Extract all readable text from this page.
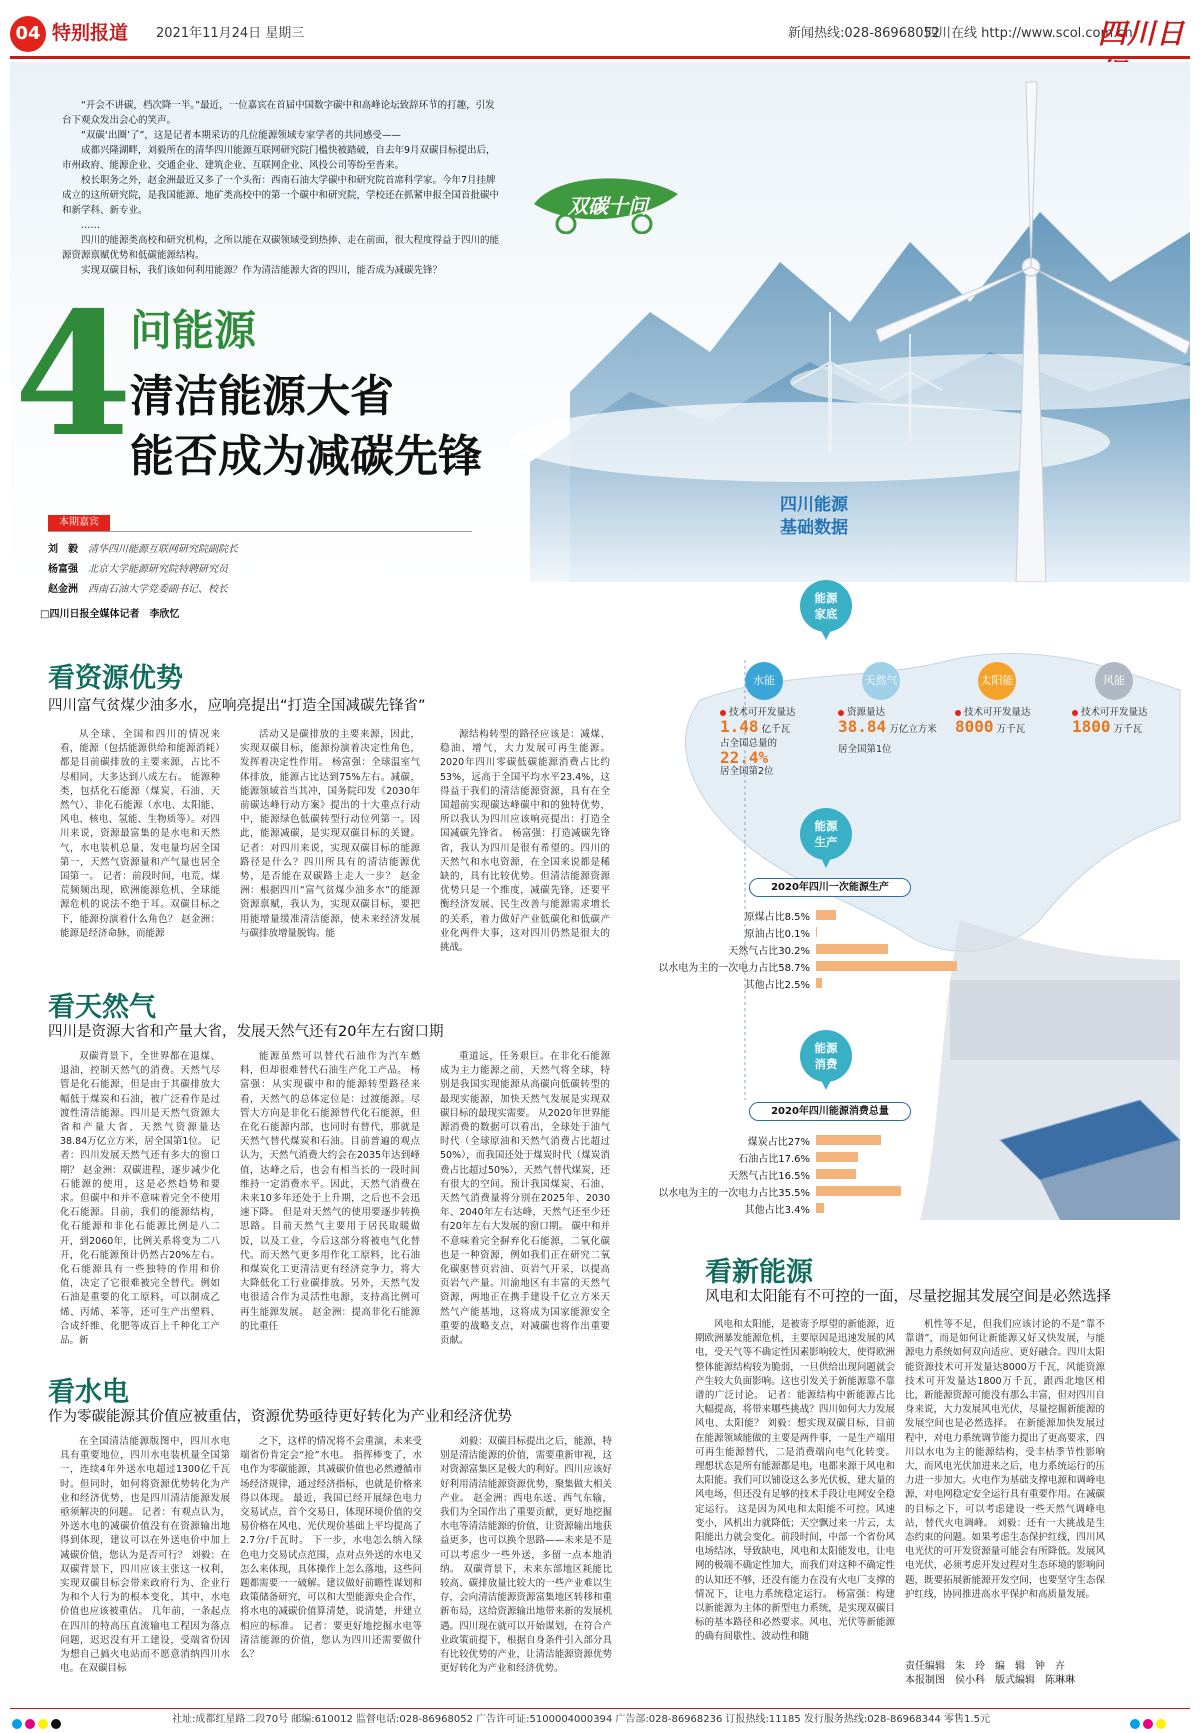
04 特别报道 2021年11月24日 星期三	新闻热线:028-86968052
四川在线 http://www.scol.com.cn
四川日

“开会不讲碳，档次降一半。”最近，一位嘉宾在首届中国数字碳中和高峰论坛致辞环节的打趣，引发台下观众发出会心的笑声。

“双碳‘出圈’了”，这是记者本期采访的几位能源领域专家学者的共同感受——

成都兴隆湖畔，刘毅所在的清华四川能源互联网研究院门槛快被踏破，自去年9月双碳目标提出后，市州政府、能源企业、交通企业、建筑企业、互联网企业、风投公司等纷至沓来。

校长职务之外，赵金洲最近又多了一个头衔：西南石油大学碳中和研究院首席科学家。今年7月挂牌成立的这所研究院，是我国能源、地矿类高校中的第一个碳中和研究院，学校还在抓紧申报全国首批碳中和新学科、新专业。

……

四川的能源类高校和研究机构，之所以能在双碳领域受到热捧、走在前面，很大程度得益于四川的能源资源禀赋优势和低碳能源结构。

实现双碳目标，我们该如何利用能源？作为清洁能源大省的四川，能否成为减碳先锋？

双碳十问
4
问能源
清洁能源大省
能否成为减碳先锋
本期嘉宾
刘　毅 清华四川能源互联网研究院副院长
杨富强 北京大学能源研究院特聘研究员
赵金洲 西南石油大学党委副书记、校长
□四川日报全媒体记者　李欣忆
看资源优势
四川富气贫煤少油多水，应响亮提出“打造全国减碳先锋省”

从全球、全国和四川的情况来看，能源（包括能源供给和能源消耗）都是目前碳排放的主要来源，占比不尽相同，大多达到八成左右。 能源种类，包括化石能源（煤炭、石油、天然气）、非化石能源（水电、太阳能、风电、核电、氢能、生物质等）。对四川来说，资源最富集的是水电和天然气，水电装机总量、发电量均居全国第一，天然气资源量和产气量也居全国第一。 记者：前段时间，电荒、煤荒频频出现，欧洲能源危机、全球能源危机的说法不绝于耳。双碳目标之下，能源扮演着什么角色？ 赵金洲：能源是经济命脉，而能源

活动又是碳排放的主要来源，因此，实现双碳目标，能源扮演着决定性角色，发挥着决定性作用。 杨富强：全球温室气体排放，能源占比达到75%左右。减碳，能源领域首当其冲，国务院印发《2030年前碳达峰行动方案》提出的十大重点行动中，能源绿色低碳转型行动位列第一。因此，能源减碳，是实现双碳目标的关键。 记者：对四川来说，实现双碳目标的能源路径是什么？四川所具有的清洁能源优势，是否能在双碳路上走人一步？ 赵金洲：根据四川“富气贫煤少油多水”的能源资源禀赋，我认为，实现双碳目标，要把用能增量缓准清洁能源，使未来经济发展与碳排放增量脱钩。能

源结构转型的路径应该是：减煤、稳油、增气，大力发展可再生能源。 2020年四川零碳低碳能源消费占比约53%，远高于全国平均水平23.4%，这得益于我们的清洁能源资源，具有在全国超前实现碳达峰碳中和的独特优势，所以我认为四川应该响亮提出：打造全国减碳先锋省。 杨富强：打造减碳先锋省，我认为四川是很有希望的。四川的天然气和水电资源，在全国来说都是稀缺的，具有比较优势。但清洁能源资源优势只是一个维度，减碳先锋，还要平衡经济发展、民生改善与能源需求增长的关系，着力做好产业低碳化和低碳产业化两件大事，这对四川仍然是很大的挑战。

看天然气
四川是资源大省和产量大省，发展天然气还有20年左右窗口期

双碳背景下，全世界都在退煤、退油，控制天然气的消费。天然气尽管是化石能源，但是由于其碳排放大幅低于煤炭和石油，被广泛看作是过渡性清洁能源。四川是天然气资源大省和产量大省，天然气资源量达38.84万亿立方米，居全国第1位。 记者：四川发展天然气还有多大的窗口期？ 赵金洲：双碳进程，逐步减少化石能源的使用，这是必然趋势和要求。但碳中和并不意味着完全不使用化石能源。目前，我们的能源结构，化石能源和非化石能源比例是八二开，到2060年，比例关系将变为二八开，化石能源预计仍然占20%左右。 化石能源具有一些独特的作用和价值，决定了它很难被完全替代。例如石油是重要的化工原料，可以制成乙烯、丙烯、苯等，还可生产出塑料、合成纤维、化肥等成百上千种化工产品。新

能源虽然可以替代石油作为汽车燃料，但却很难替代石油生产化工产品。 杨富强：从实现碳中和的能源转型路径来看，天然气的总体定位是：过渡能源。尽管大方向是非化石能源替代化石能源，但在化石能源内部，也同时有替代，那就是天然气替代煤炭和石油。目前普遍的观点认为，天然气消费大约会在2035年达到峰值，达峰之后，也会有相当长的一段时间维持一定消费水平。因此，天然气消费在未来10多年还处于上升期，之后也不会迅速下降。 但是对天然气的使用要逐步转换思路。目前天然气主要用于居民取暖做饭，以及工业，今后这部分将被电气化替代。而天然气更多用作化工原料，比石油和煤炭化工更清洁更有经济竞争力，将大大降低化工行业碳排放。另外，天然气发电很适合作为灵活性电源，支持高比例可再生能源发展。 赵金洲：提高非化石能源的比重任

重道远，任务艰巨。在非化石能源成为主力能源之前，天然气将全球，特别是我国实现能源从高碳向低碳转型的最现实能源，加快天然气发展是实现双碳目标的最现实需要。 从2020年世界能源消费的数据可以看出，全球处于油气时代（全球原油和天然气消费占比超过50%），而我国还处于煤炭时代（煤炭消费占比超过50%），天然气替代煤炭，还有很大的空间。预计我国煤炭、石油、天然气消费量将分别在2025年、2030年、2040年左右达峰，天然气还至少还有20年左右大发展的窗口期。 碳中和并不意味着完全摒弃化石能源，二氧化碳也是一种资源，例如我们正在研究二氧化碳驱替页岩油、页岩气开采，以提高页岩气产量。川渝地区有丰富的天然气资源，两地正在携手建设千亿立方米天然气产能基地，这将成为国家能源安全重要的战略支点，对减碳也将作出重要贡献。

看水电
作为零碳能源其价值应被重估，资源优势亟待更好转化为产业和经济优势

在全国清洁能源版图中，四川水电具有重要地位，四川水电装机量全国第一，连续4年外送水电超过1300亿千瓦时。但同时，如何将资源优势转化为产业和经济优势，也是四川清洁能源发展亟须解决的问题。 记者：有观点认为，外送水电的减碳价值没有在资源输出地得到体现，建议可以在外送电价中加上减碳价值，您认为是否可行？ 刘毅：在双碳背景下，四川应该主张这一权利，实现双碳目标会带来政府行为、企业行为和个人行为的根本变化，其中，水电价值也应该被重估。 几年前，一条起点在四川的特高压直流输电工程因为落点问题，迟迟没有开工建设，受端省份因为想自己搞火电站而不愿意消纳四川水电。在双碳目标

之下，这样的情况将不会重演，未来受端省份肯定会“抢”水电。 指挥棒变了，水电作为零碳能源，其减碳价值也必然遵循市场经济规律，通过经济指标，也就是价格来得以体现。 最近，我国已经开展绿色电力交易试点，首个交易日，体现环境价值的交易价格在风电、光伏现价基础上平均提高了2.7分/千瓦时。 下一步，水电怎么纳入绿色电力交易试点范围，点对点外送的水电又怎么来体现，具体操作上怎么落地，这些问题都需要一一破解。建议做好前瞻性谋划和政策储备研究，可以和大型能源央企合作，将水电的减碳价值算清楚，说清楚，并建立相应的标准。 记者：要更好地挖掘水电等清洁能源的价值，您认为四川还需要做什么？

刘毅：双碳目标提出之后，能源，特别是清洁能源的价值，需要重新审视，这对资源富集区是极大的利好。四川应该好好利用清洁能源资源优势，聚集做大相关产业。 赵金洲：西电东送、西气东输，我们为全国作出了重要贡献，更好地挖掘水电等清洁能源的价值，让资源输出地获益更多，也可以换个思路——未来是不是可以考虑少一些外送，多留一点本地消纳。 双碳背景下，未来东部地区耗能比较高、碳排放量比较大的一些产业难以生存，会向清洁能源资源富集地区转移和重新布局，这给资源输出地带来新的发展机遇。四川现在就可以开始谋划，在符合产业政策前提下，根据自身条件引入部分具有比较优势的产业，让清洁能源资源优势更好转化为产业和经济优势。

看新能源
风电和太阳能有不可控的一面，尽量挖掘其发展空间是必然选择

风电和太阳能，是被寄予厚望的新能源，近期欧洲暴发能源危机，主要原因是迅速发展的风电，受天气等不确定性因素影响较大，使得欧洲整体能源结构较为脆弱，一旦供给出现问题就会产生较大负面影响。这也引发关于新能源靠不靠谱的广泛讨论。 记者：能源结构中新能源占比大幅提高，将带来哪些挑战？四川如何大力发展风电、太阳能？ 刘毅：想实现双碳目标，目前在能源领域能做的主要是两件事，一是生产端用可再生能源替代，二是消费端向电气化转变。 理想状态是所有能源都是电，电都来源于风电和太阳能。我们可以铺设这么多光伏板，建大量的风电场，但还没有足够的技术手段让电网安全稳定运行。 这是因为风电和太阳能不可控。风速变小，风机出力就降低；天空飘过来一片云，太阳能出力就会变化。前段时间，中部一个省份风电场结冰，导致缺电，风电和太阳能发电，让电网的极端不确定性加大，而我们对这种不确定性的认知还不够，还没有能力在没有火电厂支撑的情况下，让电力系统稳定运行。 杨富强：构建以新能源为主体的新型电力系统，是实现双碳目标的基本路径和必然要求。风电、光伏等新能源的确有间歇性、波动性和随

机性等不足，但我们应该讨论的不是“靠不靠谱”，而是如何让新能源又好又快发展，与能源电力系统如何双向适应、更好融合。四川太阳能资源技术可开发量达8000万千瓦，风能资源技术可开发量达1800万千瓦，跟西北地区相比，新能源资源可能没有那么丰富，但对四川自身来说，大力发展风电光伏，尽量挖掘新能源的发展空间也是必然选择。 在新能源加快发展过程中，对电力系统调节能力提出了更高要求，四川以水电为主的能源结构，受丰枯季节性影响大，而风电光伏加进来之后，电力系统运行的压力进一步加大。火电作为基础支撑电源和调峰电源，对电网稳定安全运行具有重要作用。在减碳的目标之下，可以考虑建设一些天然气调峰电站，替代火电调峰。 刘毅：还有一大挑战是生态约束的问题。如果考虑生态保护红线，四川风电光伏的可开发资源量可能会有所降低。发展风电光伏，必须考虑开发过程对生态环境的影响问题，既要拓展新能源开发空间，也要坚守生态保护红线，协同推进高水平保护和高质量发展。

四川能源
基础数据
能源
家底
能源
生产
能源
消费
水能	天然气	太阳能	风能
技术可开发量达
1.48 亿千瓦
占全国总量的
22.4%
居全国第2位
资源量达
38.84 万亿立方米
居全国第1位
技术可开发量达
8000 万千瓦
技术可开发量达
1800 万千瓦
2020年四川一次能源生产
原煤占比8.5%
原油占比0.1%
天然气占比30.2%
以水电为主的一次电力占比58.7%
其他占比2.5%
2020年四川能源消费总量
煤炭占比27%
石油占比17.6%
天然气占比16.5%
以水电为主的一次电力占比35.5%
其他占比3.4%
责任编辑　朱　玲　编　辑　钟　卉
本报制图　侯小科　版式编辑　陈琳琳
社址:成都红星路二段70号 邮编:610012 监督电话:028-86968052 广告许可证:5100004000394 广告部:028-86968236 订报热线:11185 发行服务热线:028-86968344 零售1.5元
